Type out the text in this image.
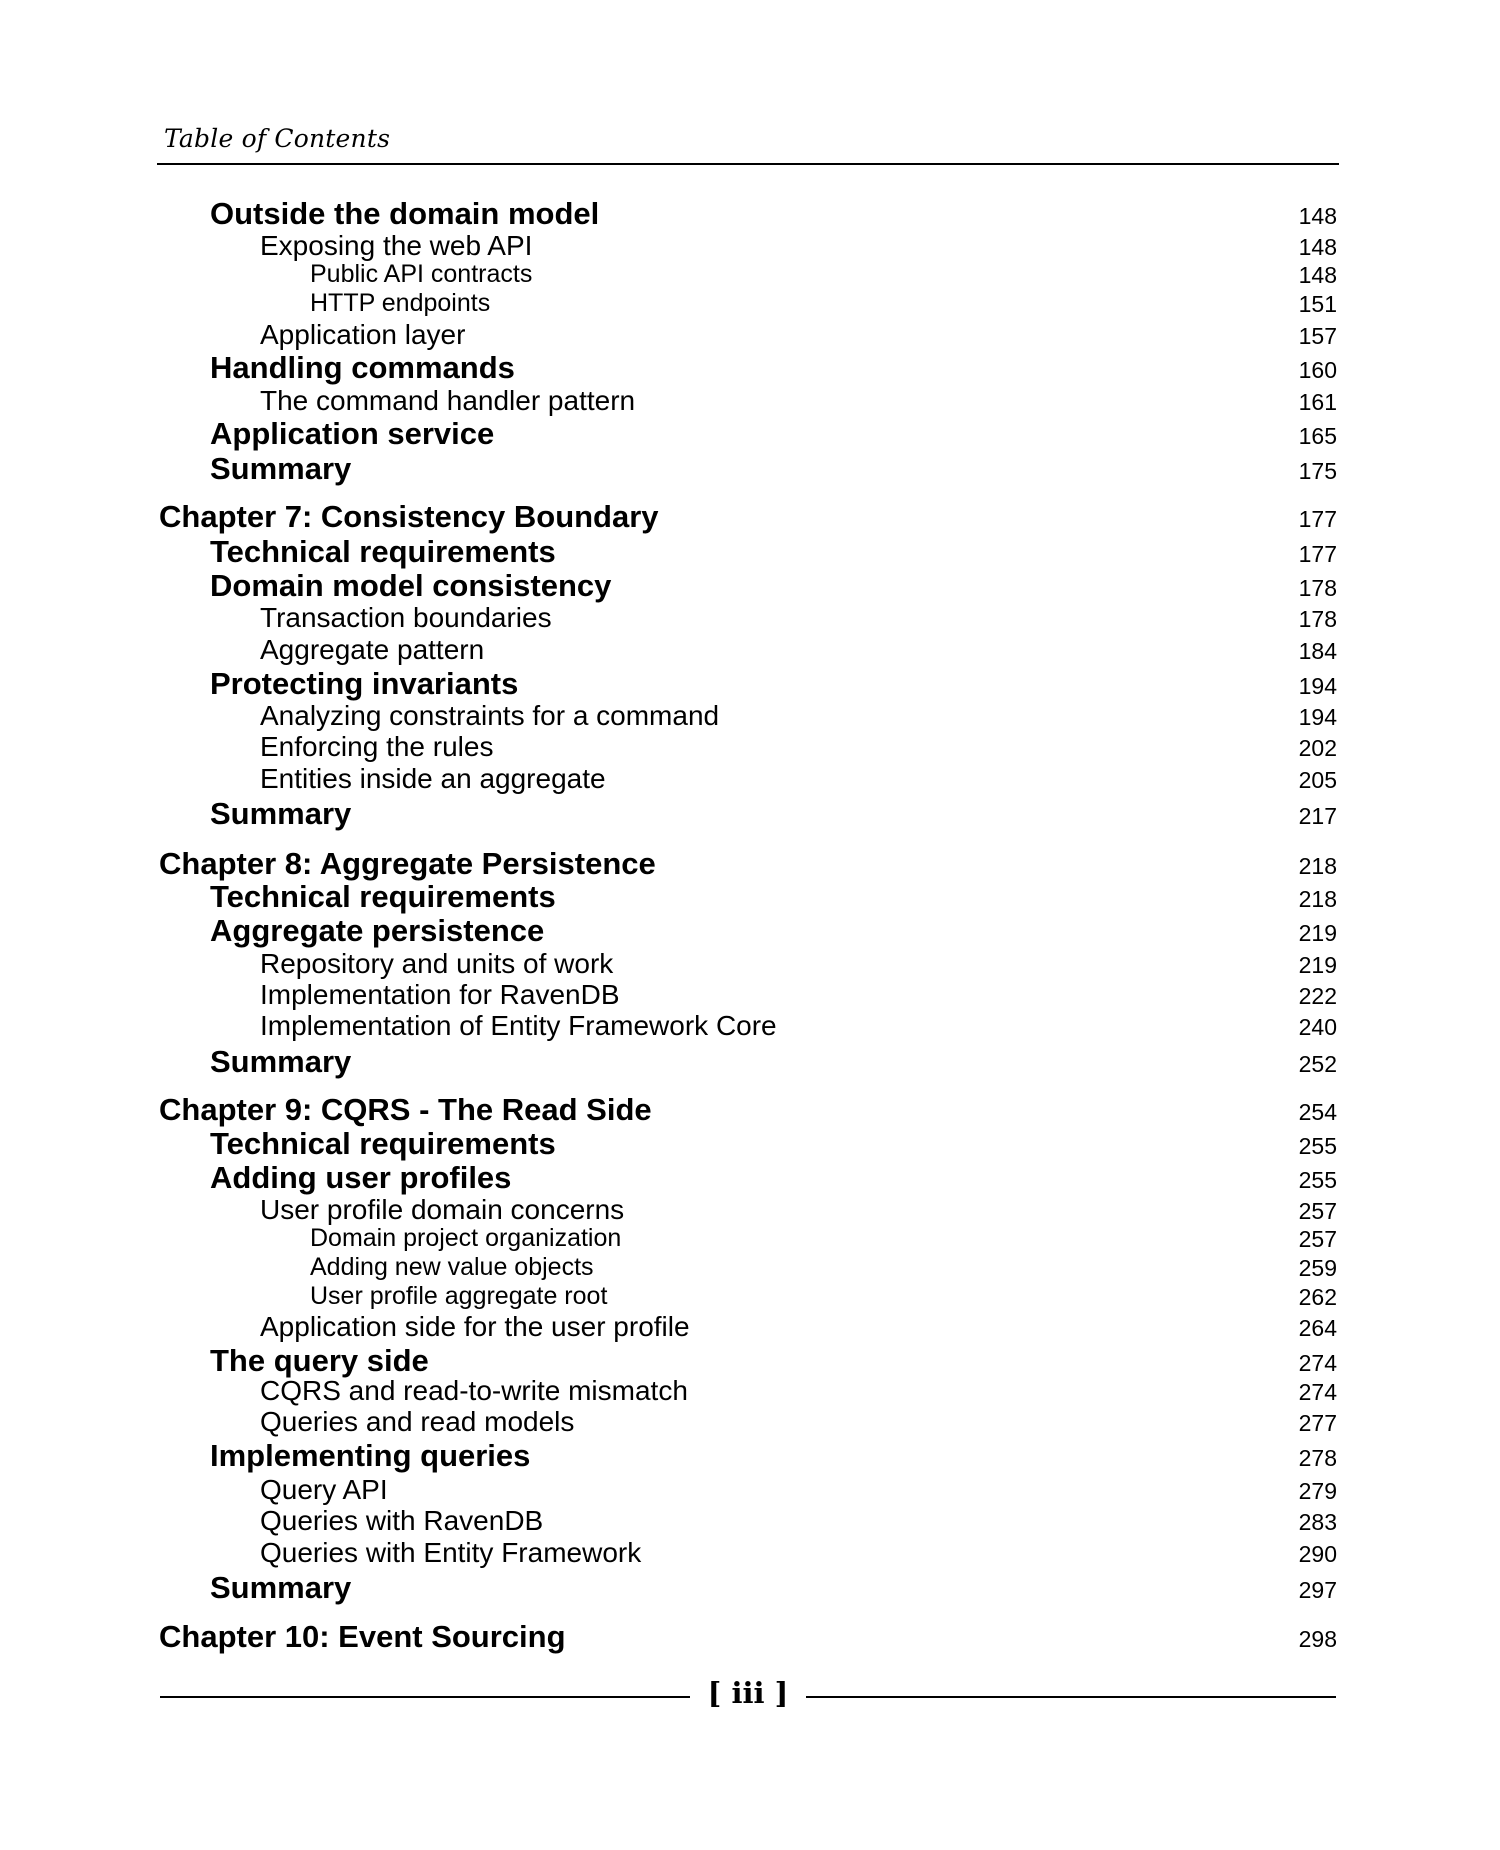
Table of Contents
Outside the domain model	148
Exposing the web API	148
Public API contracts	148
HTTP endpoints	151
Application layer	157
Handling commands	160
The command handler pattern	161
Application service	165
Summary	175
Chapter 7: Consistency Boundary	177
Technical requirements	177
Domain model consistency	178
Transaction boundaries	178
Aggregate pattern	184
Protecting invariants	194
Analyzing constraints for a command	194
Enforcing the rules	202
Entities inside an aggregate	205
Summary	217
Chapter 8: Aggregate Persistence	218
Technical requirements	218
Aggregate persistence	219
Repository and units of work	219
Implementation for RavenDB	222
Implementation of Entity Framework Core	240
Summary	252
Chapter 9: CQRS - The Read Side	254
Technical requirements	255
Adding user profiles	255
User profile domain concerns	257
Domain project organization	257
Adding new value objects	259
User profile aggregate root	262
Application side for the user profile	264
The query side	274
CQRS and read-to-write mismatch	274
Queries and read models	277
Implementing queries	278
Query API	279
Queries with RavenDB	283
Queries with Entity Framework	290
Summary	297
Chapter 10: Event Sourcing	298
[ iii ]
